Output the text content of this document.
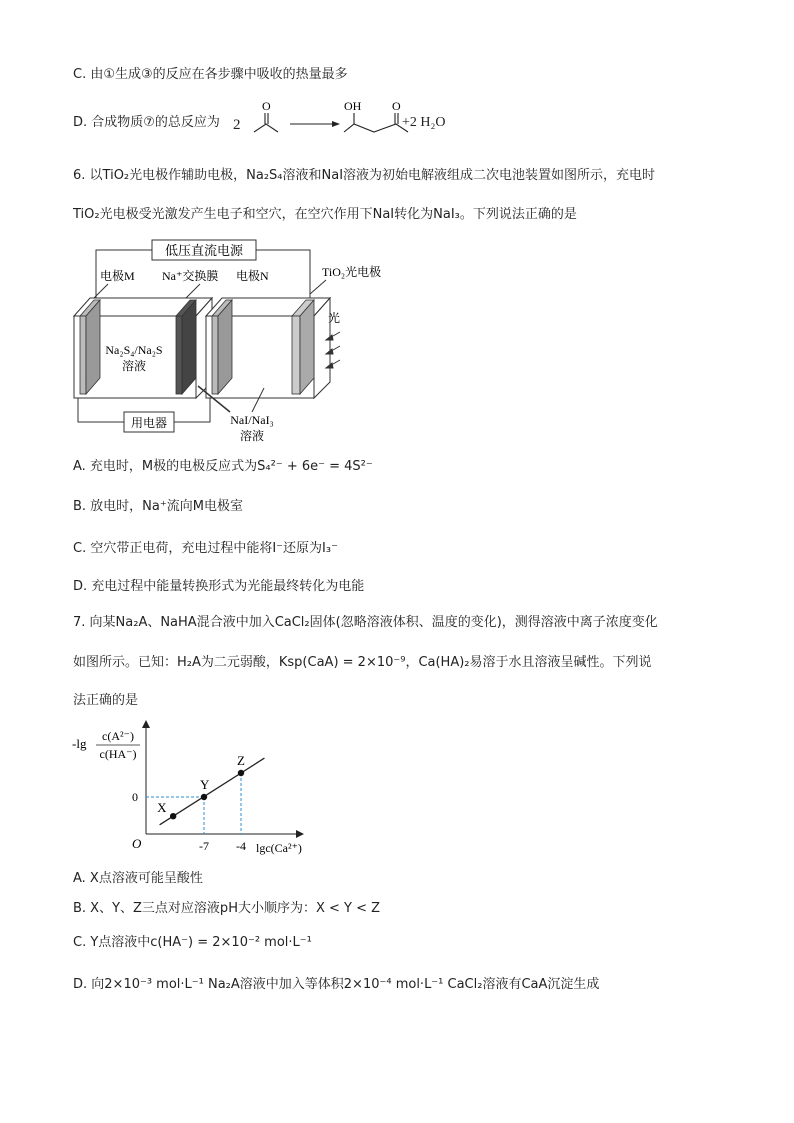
C. 由①生成③的反应在各步骤中吸收的热量最多
D. 合成物质⑦的总反应为 2
O	OH	O
+2 H₂O
6. 以TiO₂光电极作辅助电极，Na₂S₄溶液和NaI溶液为初始电解液组成二次电池装置如图所示，充电时
TiO₂光电极受光激发产生电子和空穴，在空穴作用下NaI转化为NaI₃。下列说法正确的是
低压直流电源
电极M Na⁺交换膜 电极N	TiO₂光电极
Na₂S₄/Na₂S
溶液
光
用电器	NaI/NaI₃
溶液
A. 充电时，M极的电极反应式为S₄²⁻ + 6e⁻ = 4S²⁻
B. 放电时，Na⁺流向M电极室
C. 空穴带正电荷，充电过程中能将I⁻还原为I₃⁻
D. 充电过程中能量转换形式为光能最终转化为电能
7. 向某Na₂A、NaHA混合液中加入CaCl₂固体(忽略溶液体积、温度的变化)，测得溶液中离子浓度变化
如图所示。已知：H₂A为二元弱酸，Ksp(CaA) = 2×10⁻⁹，Ca(HA)₂易溶于水且溶液呈碱性。下列说
法正确的是
-lg c(A²⁻)
c(HA⁻)
O	lgc(Ca²⁺)
0
-7 -4
X
Y
Z
A. X点溶液可能呈酸性
B. X、Y、Z三点对应溶液pH大小顺序为：X < Y < Z
C. Y点溶液中c(HA⁻) = 2×10⁻² mol·L⁻¹
D. 向2×10⁻³ mol·L⁻¹ Na₂A溶液中加入等体积2×10⁻⁴ mol·L⁻¹ CaCl₂溶液有CaA沉淀生成
